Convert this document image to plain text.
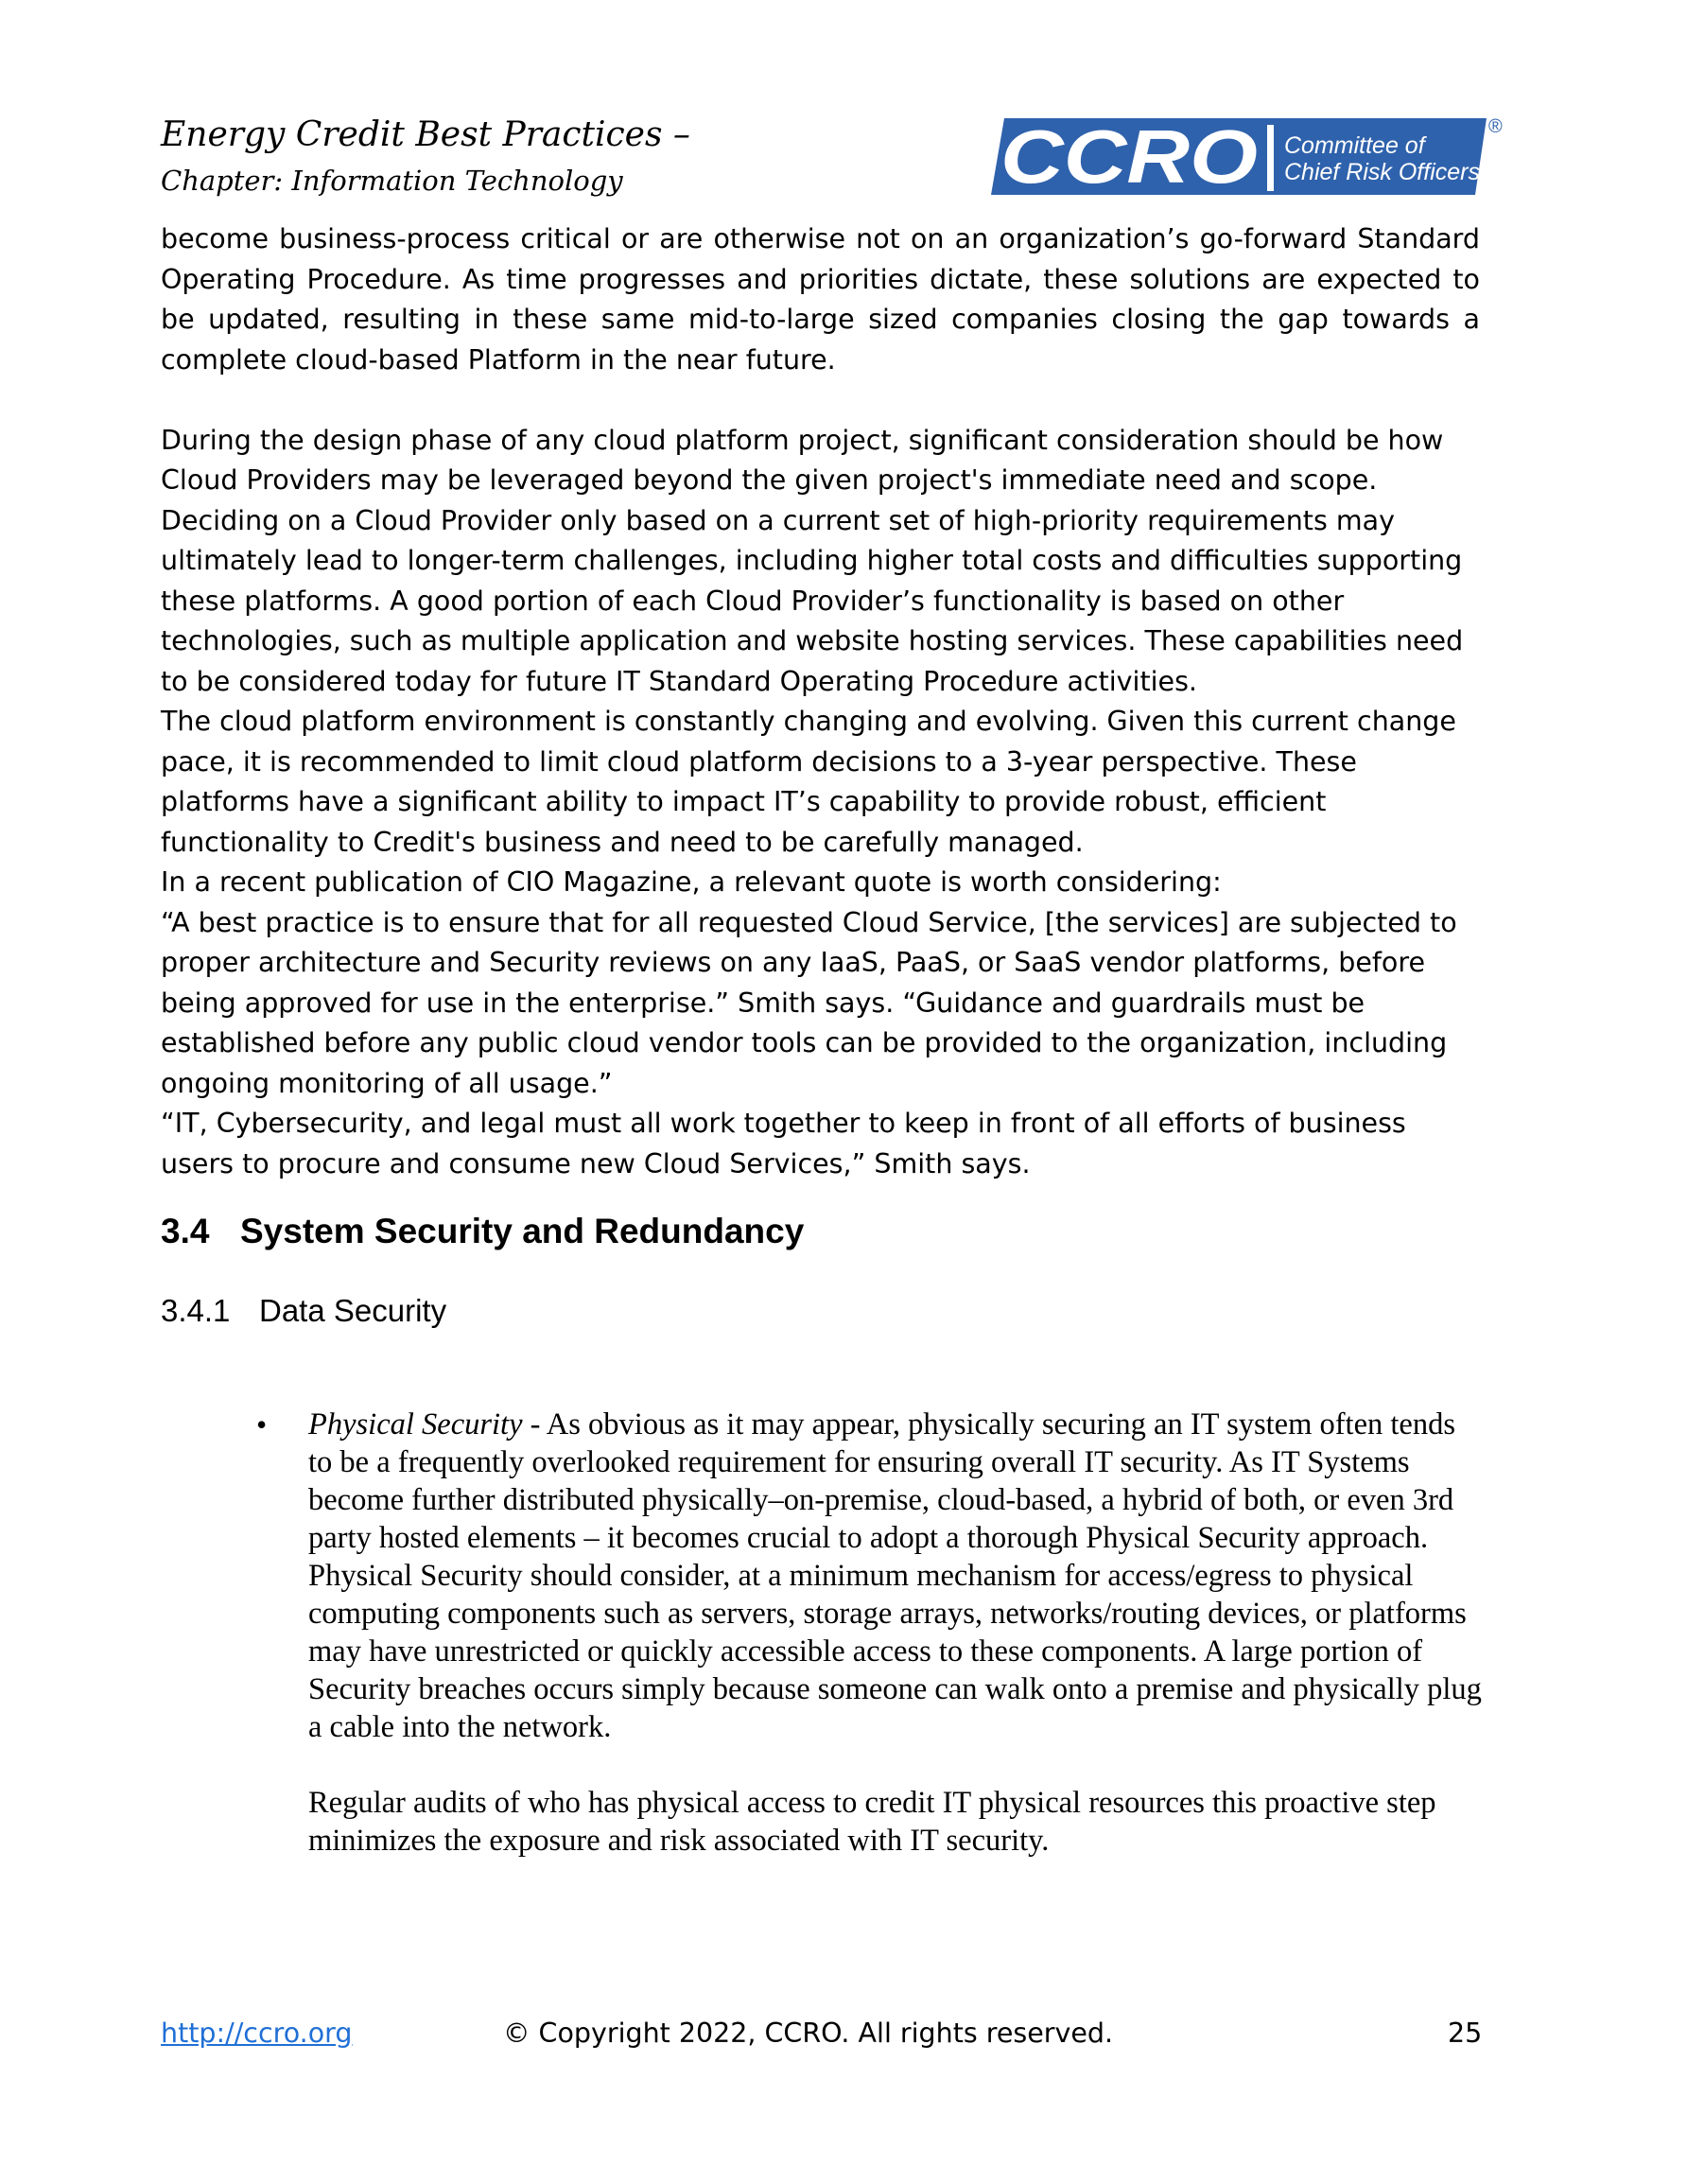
Energy Credit Best Practices –
Chapter: Information Technology	CCRO Committee of
Chief Risk Officers
®

become business-process critical or are otherwise not on an organization’s go-forward Standard Operating Procedure. As time progresses and priorities dictate, these solutions are expected to be updated, resulting in these same mid-to-large sized companies closing the gap towards a complete cloud-based Platform in the near future.

During the design phase of any cloud platform project, significant consideration should be how Cloud Providers may be leveraged beyond the given project's immediate need and scope. Deciding on a Cloud Provider only based on a current set of high-priority requirements may ultimately lead to longer-term challenges, including higher total costs and difficulties supporting these platforms. A good portion of each Cloud Provider’s functionality is based on other technologies, such as multiple application and website hosting services. These capabilities need to be considered today for future IT Standard Operating Procedure activities.

The cloud platform environment is constantly changing and evolving. Given this current change pace, it is recommended to limit cloud platform decisions to a 3-year perspective. These platforms have a significant ability to impact IT’s capability to provide robust, efficient functionality to Credit's business and need to be carefully managed.

In a recent publication of CIO Magazine, a relevant quote is worth considering:

“A best practice is to ensure that for all requested Cloud Service, [the services] are subjected to proper architecture and Security reviews on any IaaS, PaaS, or SaaS vendor platforms, before being approved for use in the enterprise.” Smith says. “Guidance and guardrails must be established before any public cloud vendor tools can be provided to the organization, including ongoing monitoring of all usage.”

“IT, Cybersecurity, and legal must all work together to keep in front of all efforts of business users to procure and consume new Cloud Services,” Smith says.

3.4 System Security and Redundancy
3.4.1 Data Security
• Physical Security - As obvious as it may appear, physically securing an IT system often tends to be a frequently overlooked requirement for ensuring overall IT security. As IT Systems become further distributed physically–on-premise, cloud-based, a hybrid of both, or even 3rd party hosted elements – it becomes crucial to adopt a thorough Physical Security approach. Physical Security should consider, at a minimum mechanism for access/egress to physical computing components such as servers, storage arrays, networks/routing devices, or platforms may have unrestricted or quickly accessible access to these components. A large portion of Security breaches occurs simply because someone can walk onto a premise and physically plug a cable into the network.

Regular audits of who has physical access to credit IT physical resources this proactive step minimizes the exposure and risk associated with IT security.

http://ccro.org	© Copyright 2022, CCRO. All rights reserved.	25
